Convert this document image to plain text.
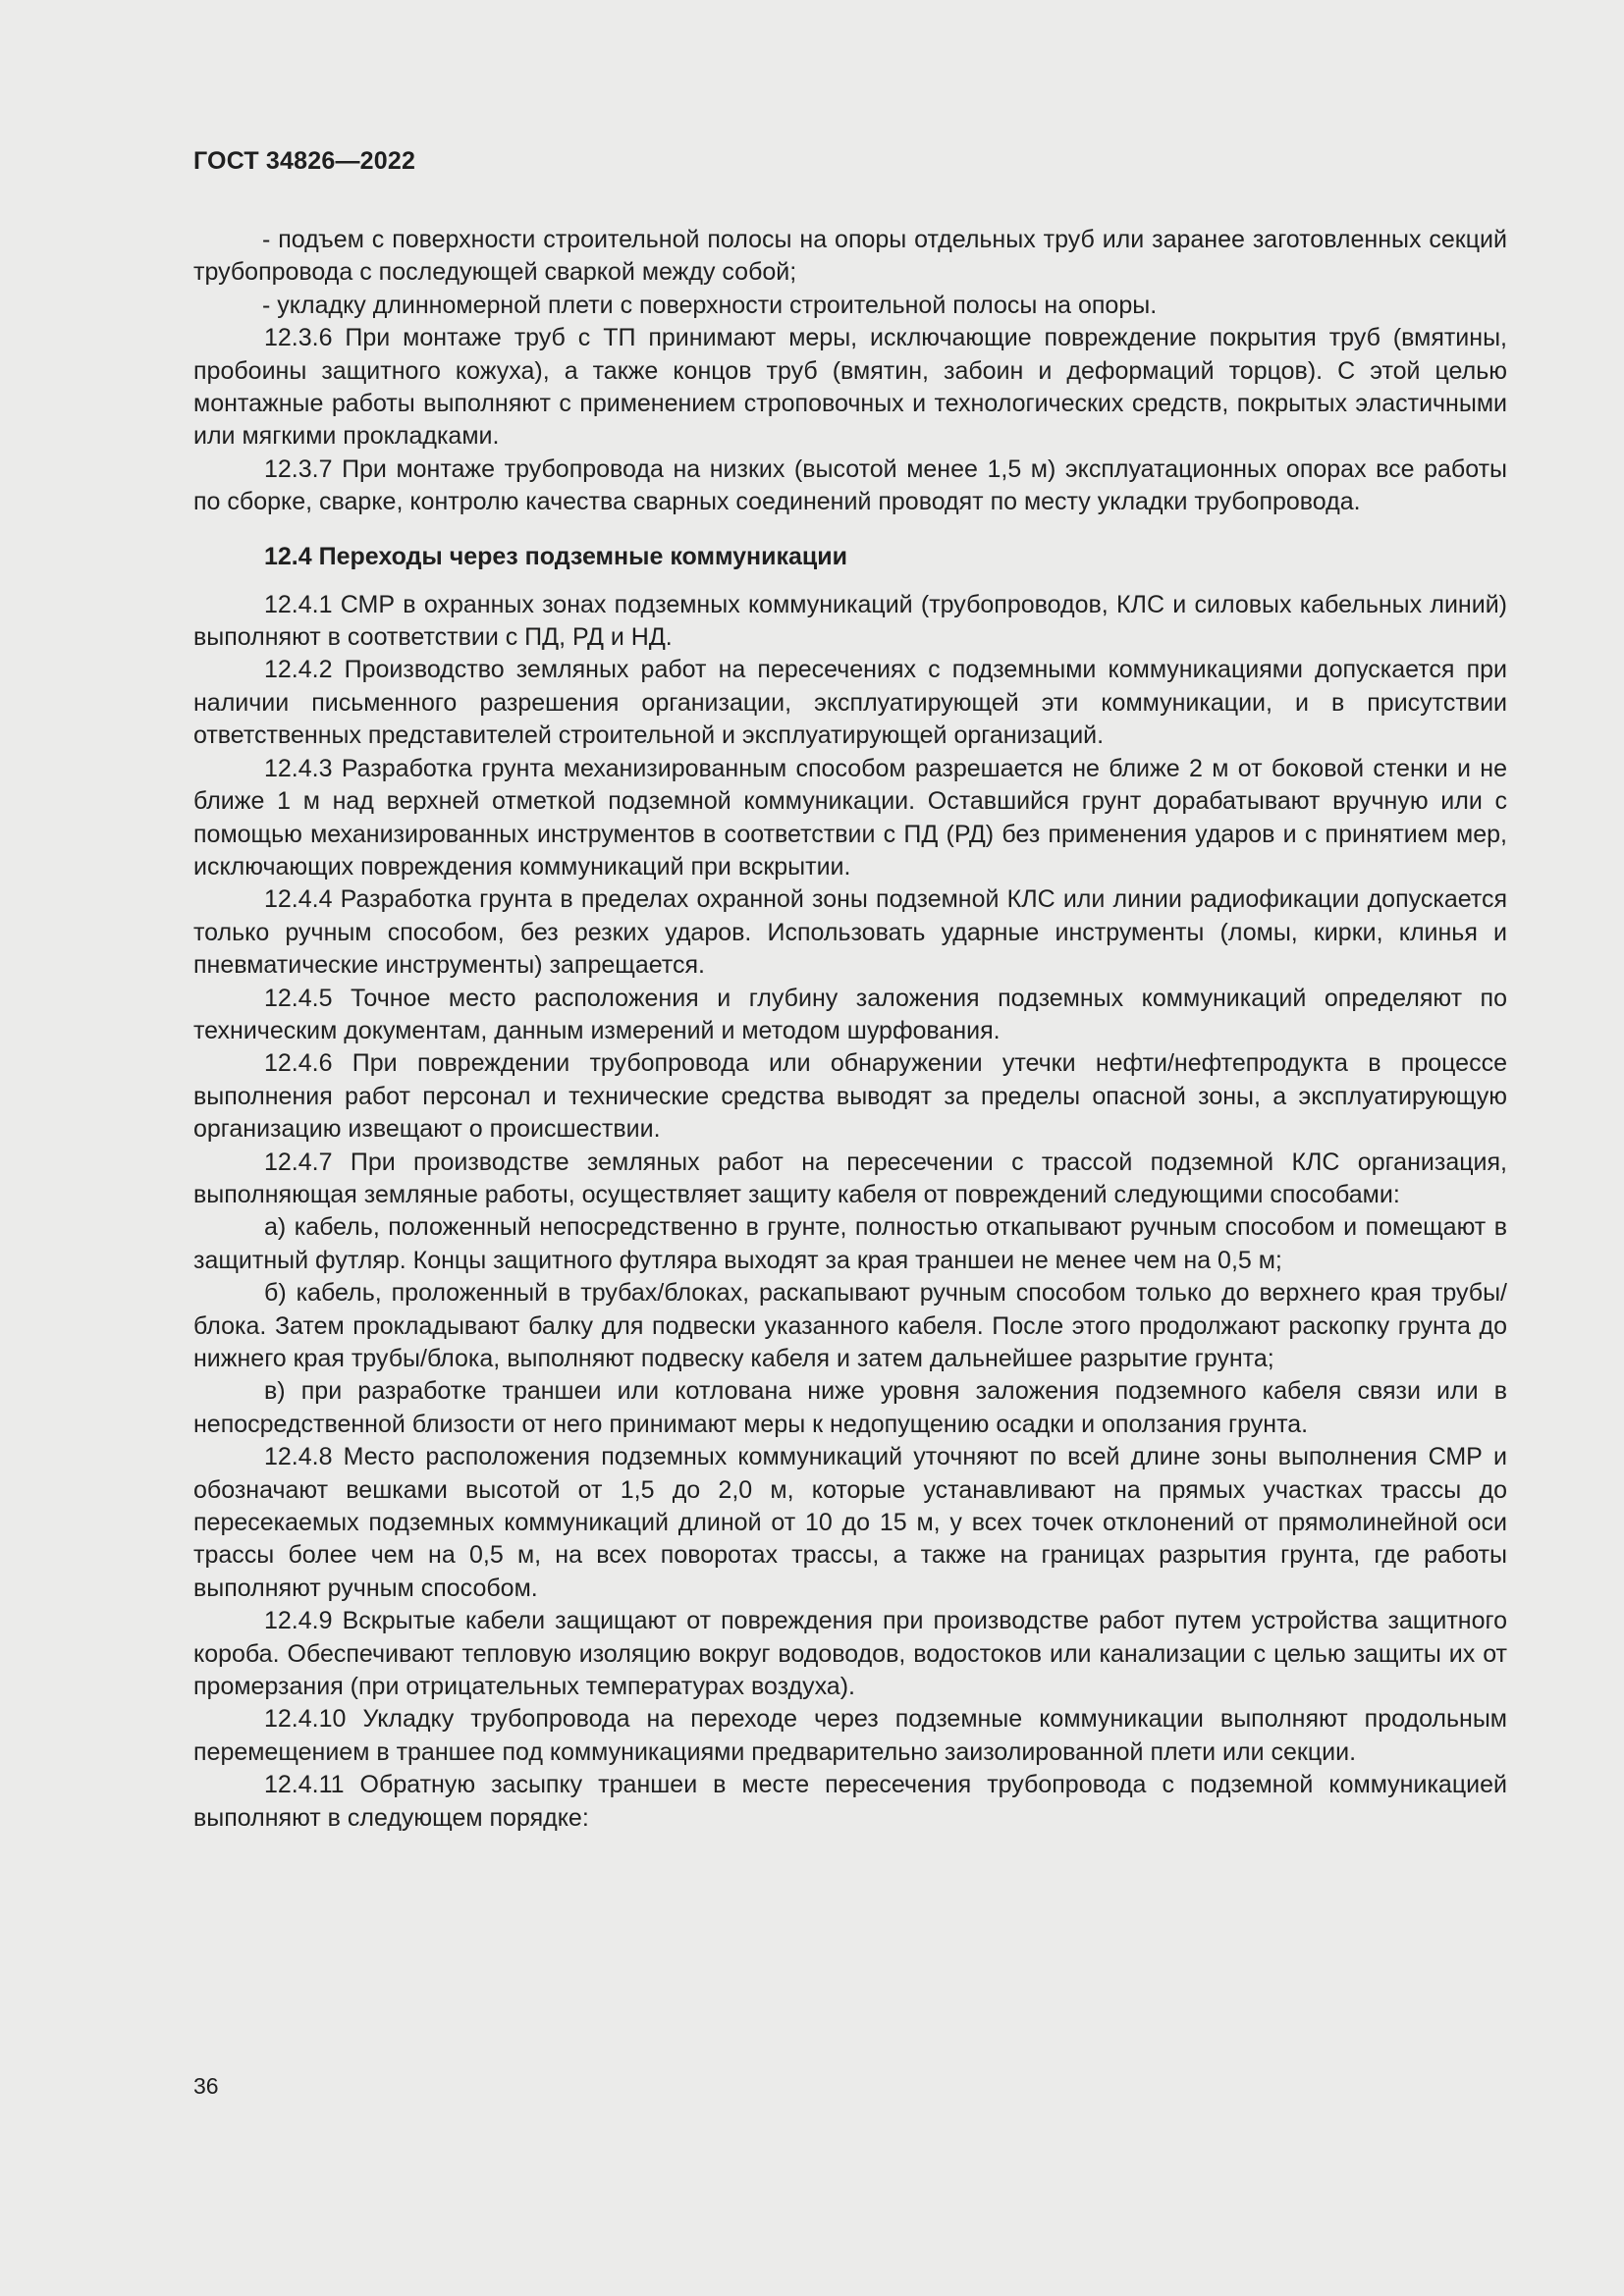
ГОСТ 34826—2022

- подъем с поверхности строительной полосы на опоры отдельных труб или заранее заготовленных секций трубопровода с последующей сваркой между собой;

- укладку длинномерной плети с поверхности строительной полосы на опоры.

12.3.6 При монтаже труб с ТП принимают меры, исключающие повреждение покрытия труб (вмятины, пробоины защитного кожуха), а также концов труб (вмятин, забоин и деформаций торцов). С этой целью монтажные работы выполняют с применением строповочных и технологических средств, покрытых эластичными или мягкими прокладками.

12.3.7 При монтаже трубопровода на низких (высотой менее 1,5 м) эксплуатационных опорах все работы по сборке, сварке, контролю качества сварных соединений проводят по месту укладки трубопровода.

12.4 Переходы через подземные коммуникации

12.4.1 СМР в охранных зонах подземных коммуникаций (трубопроводов, КЛС и силовых кабельных линий) выполняют в соответствии с ПД, РД и НД.

12.4.2 Производство земляных работ на пересечениях с подземными коммуникациями допускается при наличии письменного разрешения организации, эксплуатирующей эти коммуникации, и в присутствии ответственных представителей строительной и эксплуатирующей организаций.

12.4.3 Разработка грунта механизированным способом разрешается не ближе 2 м от боковой стенки и не ближе 1 м над верхней отметкой подземной коммуникации. Оставшийся грунт дорабатывают вручную или с помощью механизированных инструментов в соответствии с ПД (РД) без применения ударов и с принятием мер, исключающих повреждения коммуникаций при вскрытии.

12.4.4 Разработка грунта в пределах охранной зоны подземной КЛС или линии радиофикации допускается только ручным способом, без резких ударов. Использовать ударные инструменты (ломы, кирки, клинья и пневматические инструменты) запрещается.

12.4.5 Точное место расположения и глубину заложения подземных коммуникаций определяют по техническим документам, данным измерений и методом шурфования.

12.4.6 При повреждении трубопровода или обнаружении утечки нефти/нефтепродукта в процессе выполнения работ персонал и технические средства выводят за пределы опасной зоны, а эксплуатирующую организацию извещают о происшествии.

12.4.7 При производстве земляных работ на пересечении с трассой подземной КЛС организация, выполняющая земляные работы, осуществляет защиту кабеля от повреждений следующими способами:

а) кабель, положенный непосредственно в грунте, полностью откапывают ручным способом и помещают в защитный футляр. Концы защитного футляра выходят за края траншеи не менее чем на 0,5 м;

б) кабель, проложенный в трубах/блоках, раскапывают ручным способом только до верхнего края трубы/блока. Затем прокладывают балку для подвески указанного кабеля. После этого продолжают раскопку грунта до нижнего края трубы/блока, выполняют подвеску кабеля и затем дальнейшее разрытие грунта;

в) при разработке траншеи или котлована ниже уровня заложения подземного кабеля связи или в непосредственной близости от него принимают меры к недопущению осадки и оползания грунта.

12.4.8 Место расположения подземных коммуникаций уточняют по всей длине зоны выполнения СМР и обозначают вешками высотой от 1,5 до 2,0 м, которые устанавливают на прямых участках трассы до пересекаемых подземных коммуникаций длиной от 10 до 15 м, у всех точек отклонений от прямолинейной оси трассы более чем на 0,5 м, на всех поворотах трассы, а также на границах разрытия грунта, где работы выполняют ручным способом.

12.4.9 Вскрытые кабели защищают от повреждения при производстве работ путем устройства защитного короба. Обеспечивают тепловую изоляцию вокруг водоводов, водостоков или канализации с целью защиты их от промерзания (при отрицательных температурах воздуха).

12.4.10 Укладку трубопровода на переходе через подземные коммуникации выполняют продольным перемещением в траншее под коммуникациями предварительно заизолированной плети или секции.

12.4.11 Обратную засыпку траншеи в месте пересечения трубопровода с подземной коммуникацией выполняют в следующем порядке:

36
